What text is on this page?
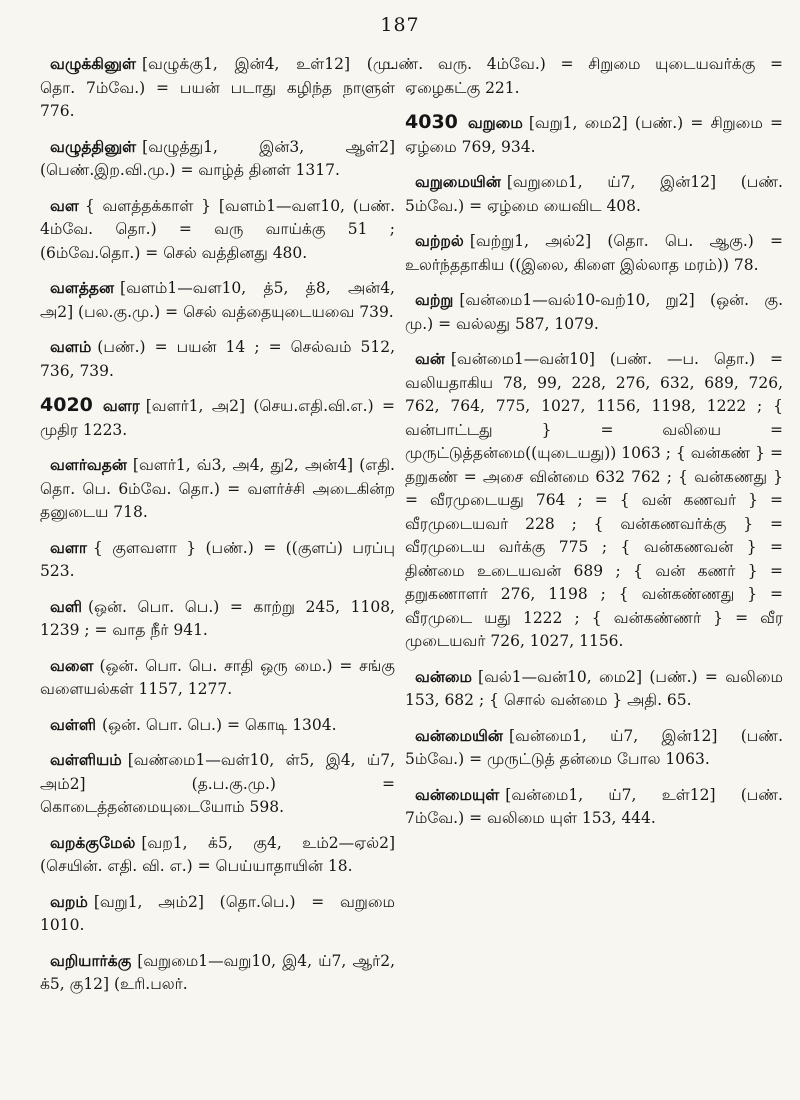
187

வழுக்கினுள் [வழுக்கு1, இன்4, உள்12] (மு. தொ. 7ம்வே.) = பயன் படாது கழிந்த நாளுள் 776.

வழுத்தினுள் [வழுத்து1, இன்3, ஆள்2] (பெண்.இற.வி.மு.) = வாழ்த் தினள் 1317.

வள { வளத்தக்காள் } [வளம்1—வள10, (பண். 4ம்வே. தொ.) = வரு வாய்க்கு 51 ; (6ம்வே.தொ.) = செல் வத்தினது 480.

வளத்தன [வளம்1—வள10, த்5, த்8, அன்4, அ2] (பல.கு.மு.) = செல் வத்தையுடையவை 739.

வளம் (பண்.) = பயன் 14 ; = செல்வம் 512, 736, 739.

4020 வளர [வளர்1, அ2] (செய.எதி.வி.எ.) = முதிர 1223.

வளர்வதன் [வளர்1, வ்3, அ4, து2, அன்4] (எதி. தொ. பெ. 6ம்வே. தொ.) = வளர்ச்சி அடைகின்ற தனுடைய 718.

வளா { குளவளா } (பண்.) = ((குளப்) பரப்பு 523.

வளி (ஒன். பொ. பெ.) = காற்று 245, 1108, 1239 ; = வாத நீர் 941.

வளை (ஒன். பொ. பெ. சாதி ஒரு மை.) = சங்கு வளையல்கள் 1157, 1277.

வள்ளி (ஒன். பொ. பெ.) = கொடி 1304.

வள்ளியம் [வண்மை1—வள்10, ள்5, இ4, ய்7, அம்2] (த.ப.கு.மு.) = கொடைத்தன்மையுடையோம் 598.

வறக்குமேல் [வற1, க்5, கு4, உம்2—ஏல்2] (செயின். எதி. வி. எ.) = பெய்யாதாயின் 18.

வறம் [வறு1, அம்2] (தொ.பெ.) = வறுமை 1010.

வறியார்க்கு [வறுமை1—வறு10, இ4, ய்7, ஆர்2, க்5, கு12] (உரி.பலர்.

பண். வரு. 4ம்வே.) = சிறுமை யுடையவர்க்கு = ஏழைகட்கு 221.

4030 வறுமை [வறு1, மை2] (பண்.) = சிறுமை = ஏழ்மை 769, 934.

வறுமையின் [வறுமை1, ய்7, இன்12] (பண். 5ம்வே.) = ஏழ்மை யைவிட 408.

வற்றல் [வற்று1, அல்2] (தொ. பெ. ஆகு.) = உலர்ந்ததாகிய ((இலை, கிளை இல்லாத மரம்)) 78.

வற்று [வன்மை1—வல்10-வற்10, று2] (ஒன். கு. மு.) = வல்லது 587, 1079.

வன் [வன்மை1—வன்10] (பண். —ப. தொ.) = வலியதாகிய 78, 99, 228, 276, 632, 689, 726, 762, 764, 775, 1027, 1156, 1198, 1222 ; { வன்பாட்டது } = வலியை = முருட்டுத்தன்மை((யுடையது)) 1063 ; { வன்கண் } = தறுகண் = அசை வின்மை 632 762 ; { வன்கணது } = வீரமுடையது 764 ; = { வன் கணவர் } = வீரமுடையவர் 228 ; { வன்கணவர்க்கு } = வீரமுடைய வர்க்கு 775 ; { வன்கணவன் } = திண்மை உடையவன் 689 ; { வன் கணர் } = தறுகணாளர் 276, 1198 ; { வன்கண்ணது } = வீரமுடை யது 1222 ; { வன்கண்ணர் } = வீர முடையவர் 726, 1027, 1156.

வன்மை [வல்1—வன்10, மை2] (பண்.) = வலிமை 153, 682 ; { சொல் வன்மை } அதி. 65.

வன்மையின் [வன்மை1, ய்7, இன்12] (பண். 5ம்வே.) = முருட்டுத் தன்மை போல 1063.

வன்மையுள் [வன்மை1, ய்7, உள்12] (பண். 7ம்வே.) = வலிமை யுள் 153, 444.
